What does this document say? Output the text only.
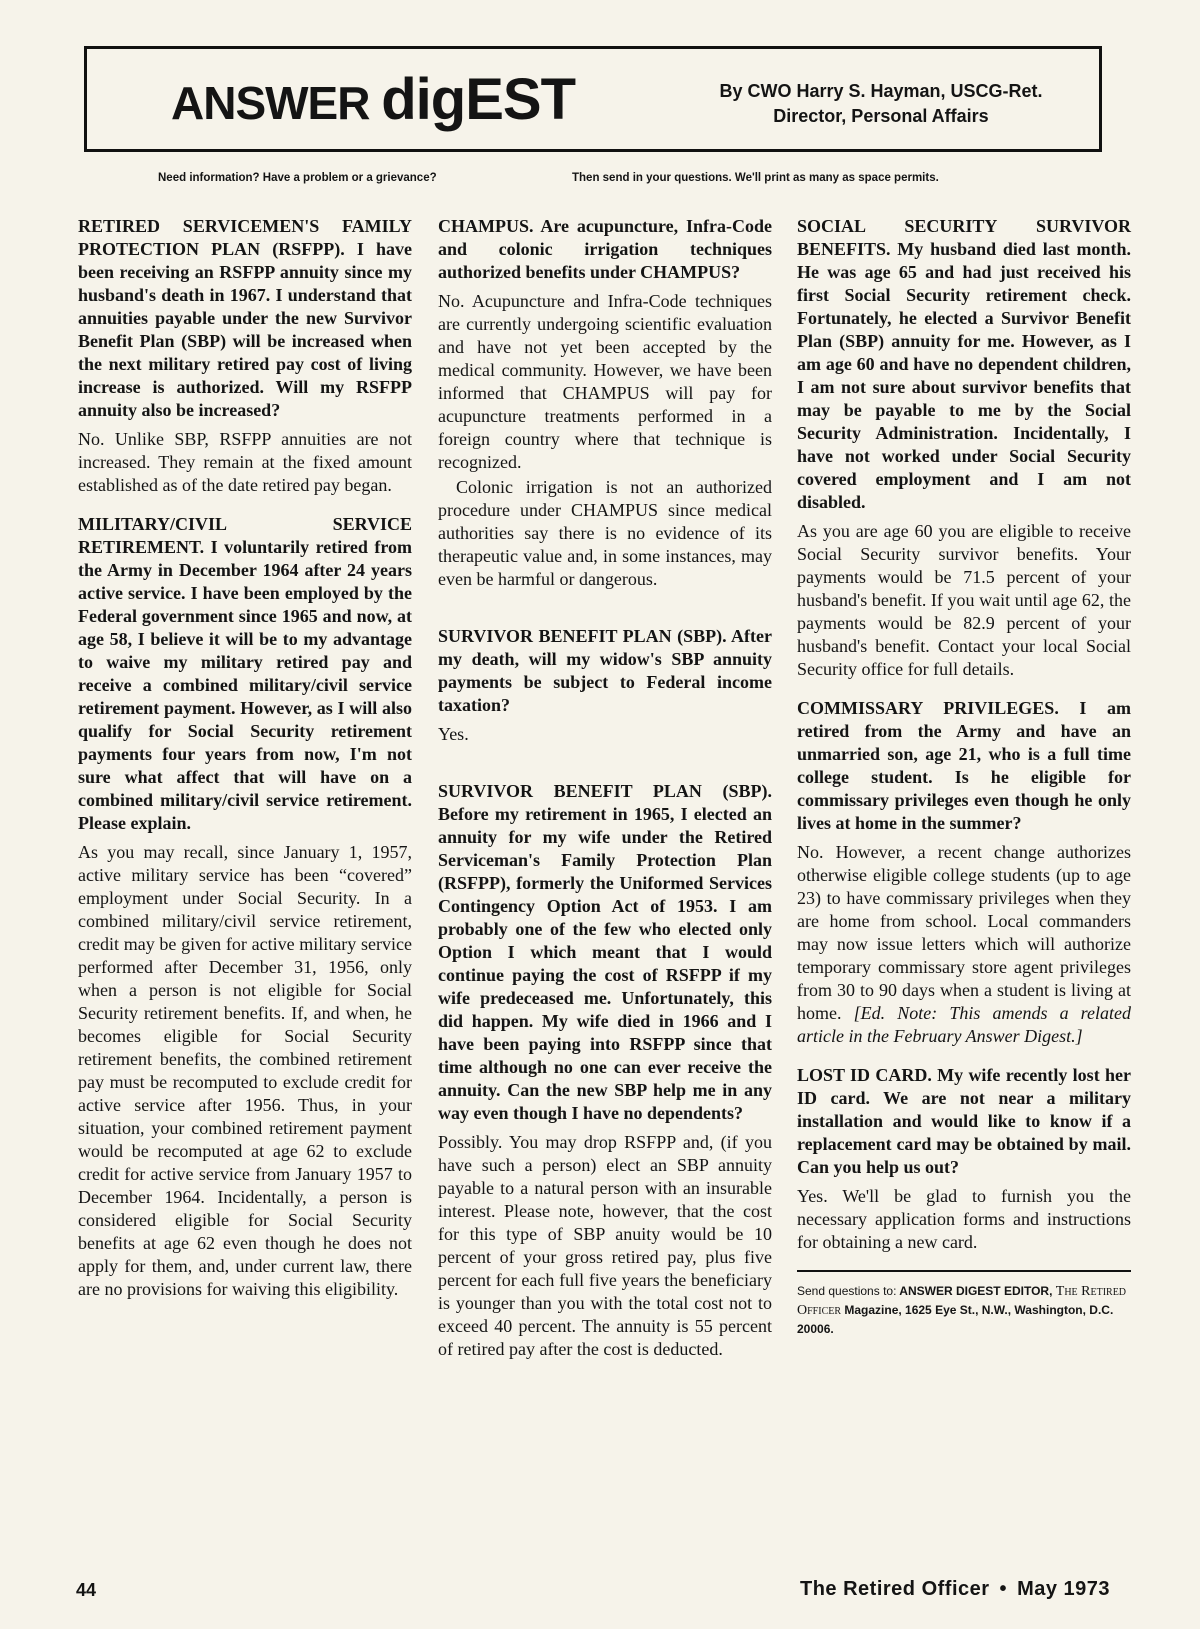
ANSWER digEST	By CWO Harry S. Hayman, USCG-Ret.
Director, Personal Affairs
Need information? Have a problem or a grievance?	Then send in your questions. We'll print as many as space permits.

RETIRED SERVICEMEN'S FAMILY PROTECTION PLAN (RSFPP). I have been receiving an RSFPP annuity since my husband's death in 1967. I understand that annuities payable under the new Survivor Benefit Plan (SBP) will be increased when the next military retired pay cost of living increase is authorized. Will my RSFPP annuity also be increased?

No. Unlike SBP, RSFPP annuities are not increased. They remain at the fixed amount established as of the date retired pay began.

MILITARY/CIVIL SERVICE RETIREMENT. I voluntarily retired from the Army in December 1964 after 24 years active service. I have been employed by the Federal government since 1965 and now, at age 58, I believe it will be to my advantage to waive my military retired pay and receive a combined military/civil service retirement payment. However, as I will also qualify for Social Security retirement payments four years from now, I'm not sure what affect that will have on a combined military/civil service retirement. Please explain.

As you may recall, since January 1, 1957, active military service has been “covered” employment under Social Security. In a combined military/civil service retirement, credit may be given for active military service performed after December 31, 1956, only when a person is not eligible for Social Security retirement benefits. If, and when, he becomes eligible for Social Security retirement benefits, the combined retirement pay must be recomputed to exclude credit for active service after 1956. Thus, in your situation, your combined retirement payment would be recomputed at age 62 to exclude credit for active service from January 1957 to December 1964. Incidentally, a person is considered eligible for Social Security benefits at age 62 even though he does not apply for them, and, under current law, there are no provisions for waiving this eligibility.

CHAMPUS. Are acupuncture, Infra-Code and colonic irrigation techniques authorized benefits under CHAMPUS?

No. Acupuncture and Infra-Code techniques are currently undergoing scientific evaluation and have not yet been accepted by the medical community. However, we have been informed that CHAMPUS will pay for acupuncture treatments performed in a foreign country where that technique is recognized.

Colonic irrigation is not an authorized procedure under CHAMPUS since medical authorities say there is no evidence of its therapeutic value and, in some instances, may even be harmful or dangerous.

SURVIVOR BENEFIT PLAN (SBP). After my death, will my widow's SBP annuity payments be subject to Federal income taxation?

Yes.

SURVIVOR BENEFIT PLAN (SBP). Before my retirement in 1965, I elected an annuity for my wife under the Retired Serviceman's Family Protection Plan (RSFPP), formerly the Uniformed Services Contingency Option Act of 1953. I am probably one of the few who elected only Option I which meant that I would continue paying the cost of RSFPP if my wife predeceased me. Unfortunately, this did happen. My wife died in 1966 and I have been paying into RSFPP since that time although no one can ever receive the annuity. Can the new SBP help me in any way even though I have no dependents?

Possibly. You may drop RSFPP and, (if you have such a person) elect an SBP annuity payable to a natural person with an insurable interest. Please note, however, that the cost for this type of SBP anuity would be 10 percent of your gross retired pay, plus five percent for each full five years the beneficiary is younger than you with the total cost not to exceed 40 percent. The annuity is 55 percent of retired pay after the cost is deducted.

SOCIAL SECURITY SURVIVOR BENEFITS. My husband died last month. He was age 65 and had just received his first Social Security retirement check. Fortunately, he elected a Survivor Benefit Plan (SBP) annuity for me. However, as I am age 60 and have no dependent children, I am not sure about survivor benefits that may be payable to me by the Social Security Administration. Incidentally, I have not worked under Social Security covered employment and I am not disabled.

As you are age 60 you are eligible to receive Social Security survivor benefits. Your payments would be 71.5 percent of your husband's benefit. If you wait until age 62, the payments would be 82.9 percent of your husband's benefit. Contact your local Social Security office for full details.

COMMISSARY PRIVILEGES. I am retired from the Army and have an unmarried son, age 21, who is a full time college student. Is he eligible for commissary privileges even though he only lives at home in the summer?

No. However, a recent change authorizes otherwise eligible college students (up to age 23) to have commissary privileges when they are home from school. Local commanders may now issue letters which will authorize temporary commissary store agent privileges from 30 to 90 days when a student is living at home. [Ed. Note: This amends a related article in the February Answer Digest.]

LOST ID CARD. My wife recently lost her ID card. We are not near a military installation and would like to know if a replacement card may be obtained by mail. Can you help us out?

Yes. We'll be glad to furnish you the necessary application forms and instructions for obtaining a new card.

Send questions to: ANSWER DIGEST EDITOR, The Retired Officer Magazine, 1625 Eye St., N.W., Washington, D.C. 20006.
44	The Retired Officer • May 1973
